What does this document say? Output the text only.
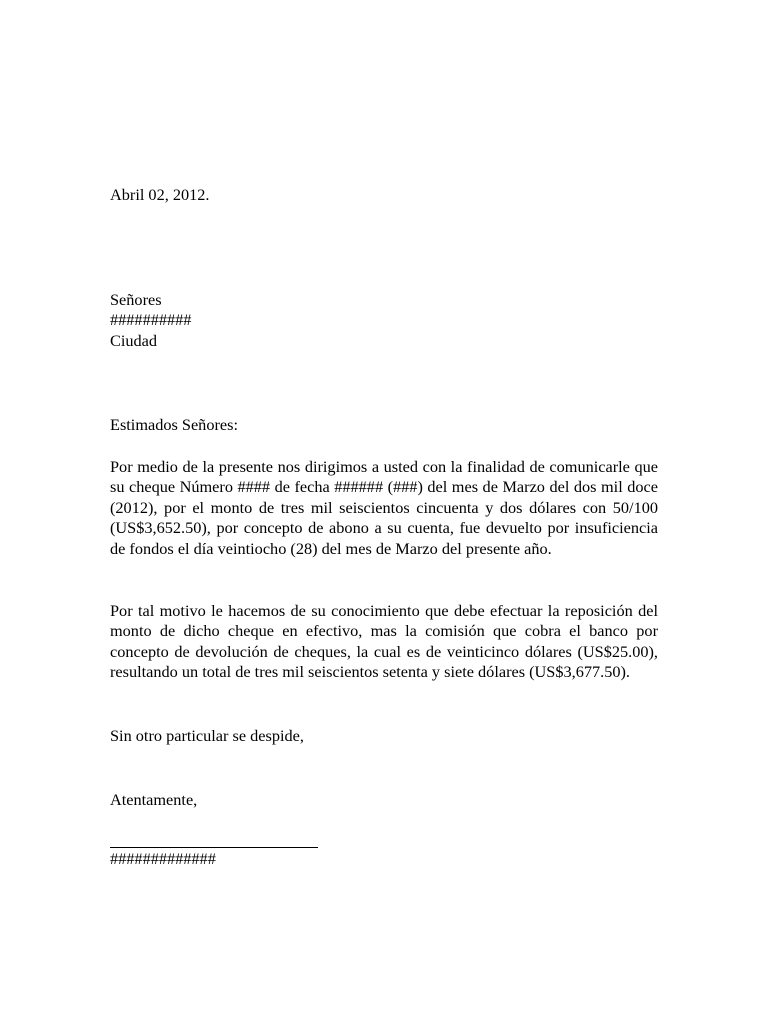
Abril 02, 2012.
Señores
##########
Ciudad
Estimados Señores:
Por medio de la presente nos dirigimos a usted con la finalidad de comunicarle que su cheque Número #### de fecha ###### (###) del mes de Marzo del dos mil doce (2012), por el monto de tres mil seiscientos cincuenta y dos dólares con 50/100 (US$3,652.50), por concepto de abono a su cuenta, fue devuelto por insuficiencia de fondos el día veintiocho (28) del mes de Marzo del presente año.
Por tal motivo le hacemos de su conocimiento que debe efectuar la reposición del monto de dicho cheque en efectivo, mas la comisión que cobra el banco por concepto de devolución de cheques, la cual es de veinticinco dólares (US$25.00), resultando un total de tres mil seiscientos setenta y siete dólares (US$3,677.50).
Sin otro particular se despide,
Atentamente,
#############
